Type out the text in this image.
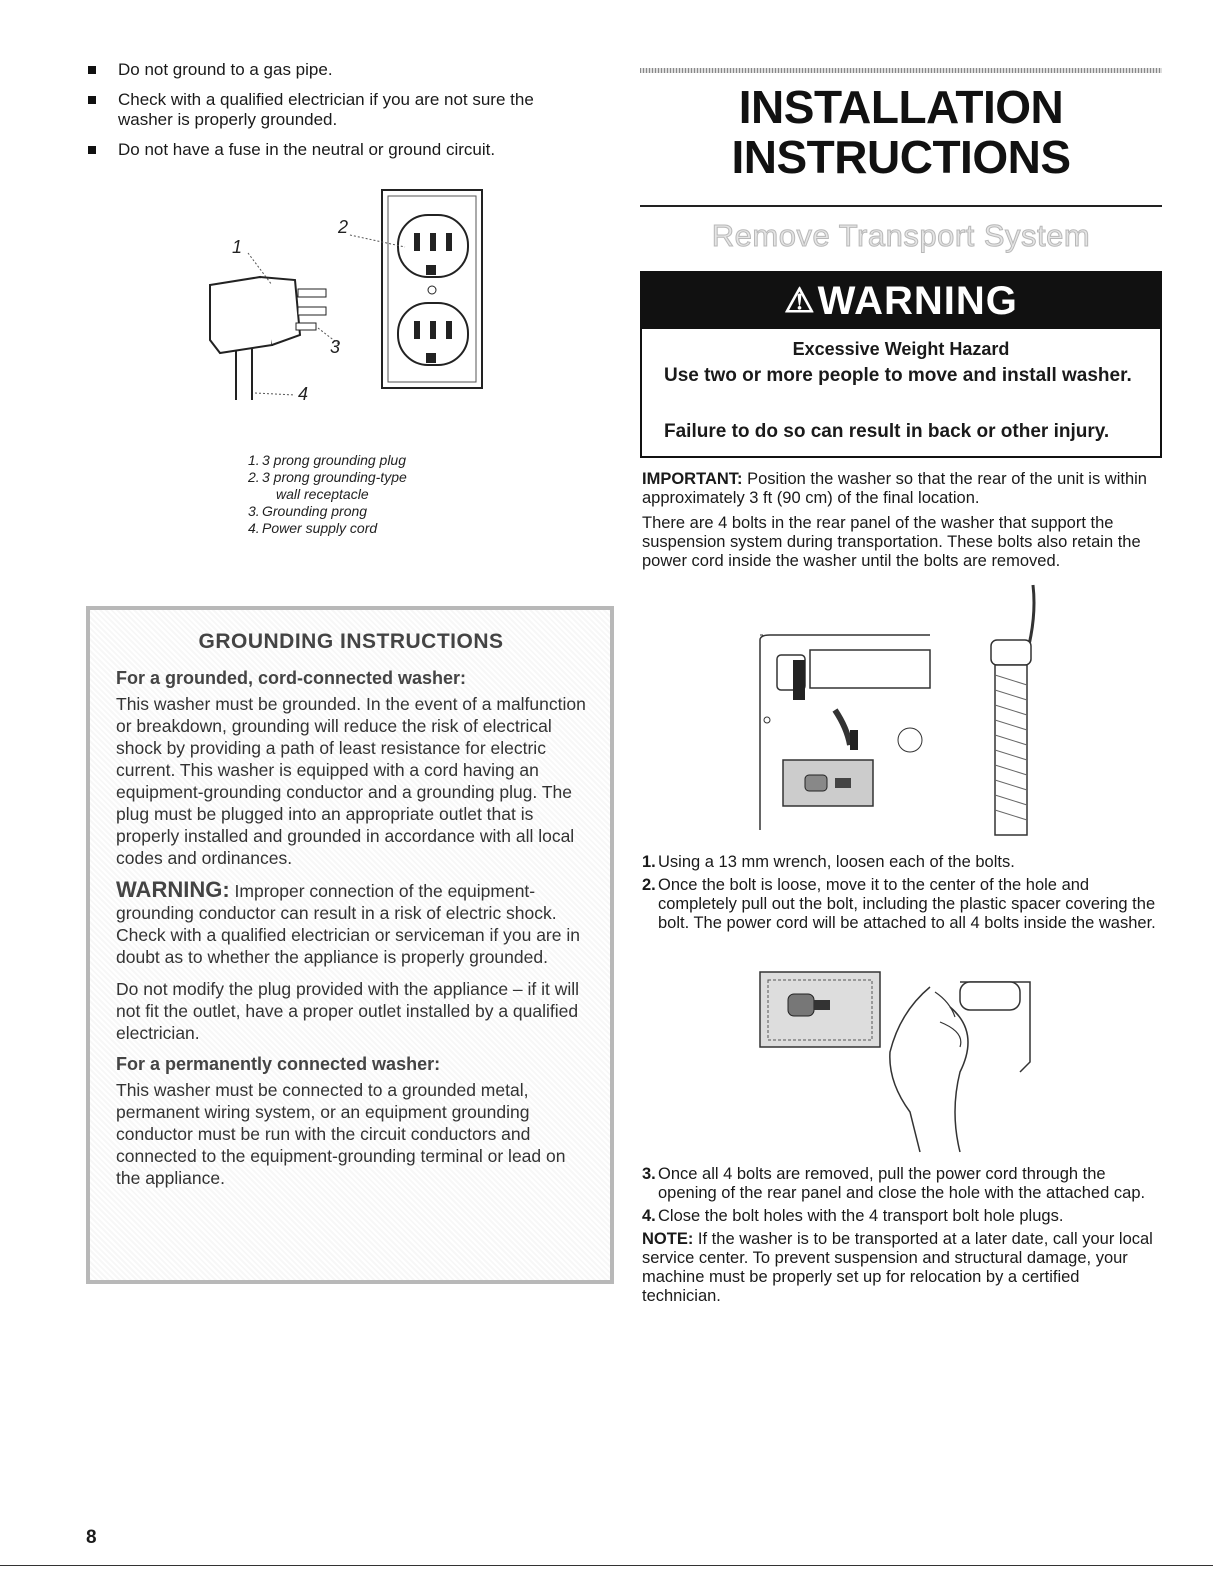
Do not ground to a gas pipe.
Check with a qualified electrician if you are not sure the washer is properly grounded.
Do not have a fuse in the neutral or ground circuit.
1
2
3
4
1. 3 prong grounding plug
2. 3 prong grounding-type
wall receptacle
3. Grounding prong
4. Power supply cord
GROUNDING INSTRUCTIONS
For a grounded, cord-connected washer:

This washer must be grounded. In the event of a malfunction or breakdown, grounding will reduce the risk of electrical shock by providing a path of least resistance for electric current. This washer is equipped with a cord having an equipment-grounding conductor and a grounding plug. The plug must be plugged into an appropriate outlet that is properly installed and grounded in accordance with all local codes and ordinances.

WARNING: Improper connection of the equipment-grounding conductor can result in a risk of electric shock. Check with a qualified electrician or serviceman if you are in doubt as to whether the appliance is properly grounded.

Do not modify the plug provided with the appliance – if it will not fit the outlet, have a proper outlet installed by a qualified electrician.

For a permanently connected washer:

This washer must be connected to a grounded metal, permanent wiring system, or an equipment grounding conductor must be run with the circuit conductors and connected to the equipment-grounding terminal or lead on the appliance.

INSTALLATION
INSTRUCTIONS
Remove Transport System
⚠WARNING
Excessive Weight Hazard
Use two or more people to move and install washer.
Failure to do so can result in back or other injury.

IMPORTANT: Position the washer so that the rear of the unit is within approximately 3 ft (90 cm) of the final location.

There are 4 bolts in the rear panel of the washer that support the suspension system during transportation. These bolts also retain the power cord inside the washer until the bolts are removed.

1. Using a 13 mm wrench, loosen each of the bolts.
2. Once the bolt is loose, move it to the center of the hole and completely pull out the bolt, including the plastic spacer covering the bolt. The power cord will be attached to all 4 bolts inside the washer.
3. Once all 4 bolts are removed, pull the power cord through the opening of the rear panel and close the hole with the attached cap.
4. Close the bolt holes with the 4 transport bolt hole plugs.

NOTE: If the washer is to be transported at a later date, call your local service center. To prevent suspension and structural damage, your machine must be properly set up for relocation by a certified technician.

8
